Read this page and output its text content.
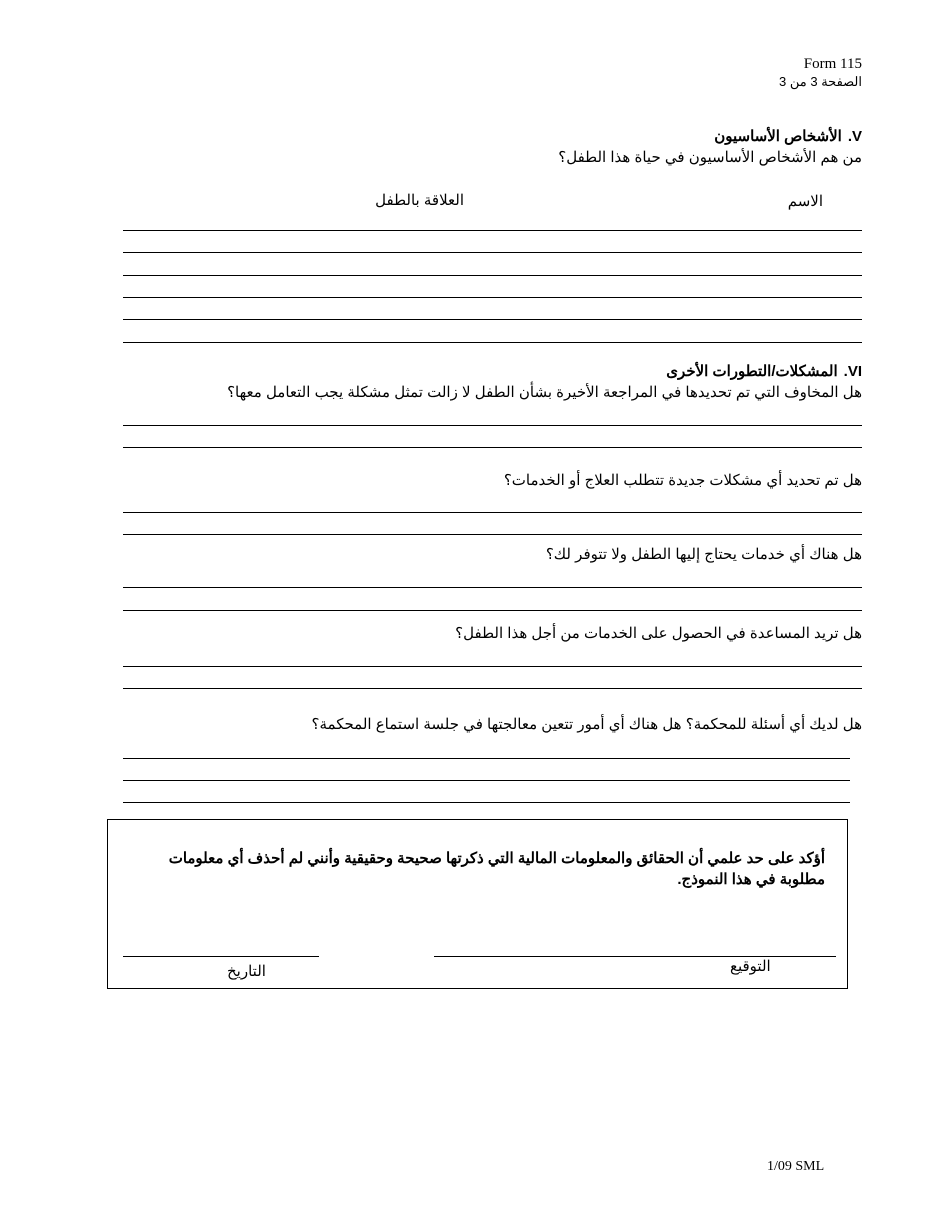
Form 115
الصفحة 3 من 3
V.الأشخاص الأساسيون
من هم الأشخاص الأساسيون في حياة هذا الطفل؟
الاسم
العلاقة بالطفل
VI.المشكلات/التطورات الأخرى
هل المخاوف التي تم تحديدها في المراجعة الأخيرة بشأن الطفل لا زالت تمثل مشكلة يجب التعامل معها؟
هل تم تحديد أي مشكلات جديدة تتطلب العلاج أو الخدمات؟
هل هناك أي خدمات يحتاج إليها الطفل ولا تتوفر لك؟
هل تريد المساعدة في الحصول على الخدمات من أجل هذا الطفل؟
هل لديك أي أسئلة للمحكمة؟ هل هناك أي أمور تتعين معالجتها في جلسة استماع المحكمة؟
أؤكد على حد علمي أن الحقائق والمعلومات المالية التي ذكرتها صحيحة وحقيقية وأنني لم أحذف أي معلومات مطلوبة في هذا النموذج.
التوقيع
التاريخ
1/09 SML
